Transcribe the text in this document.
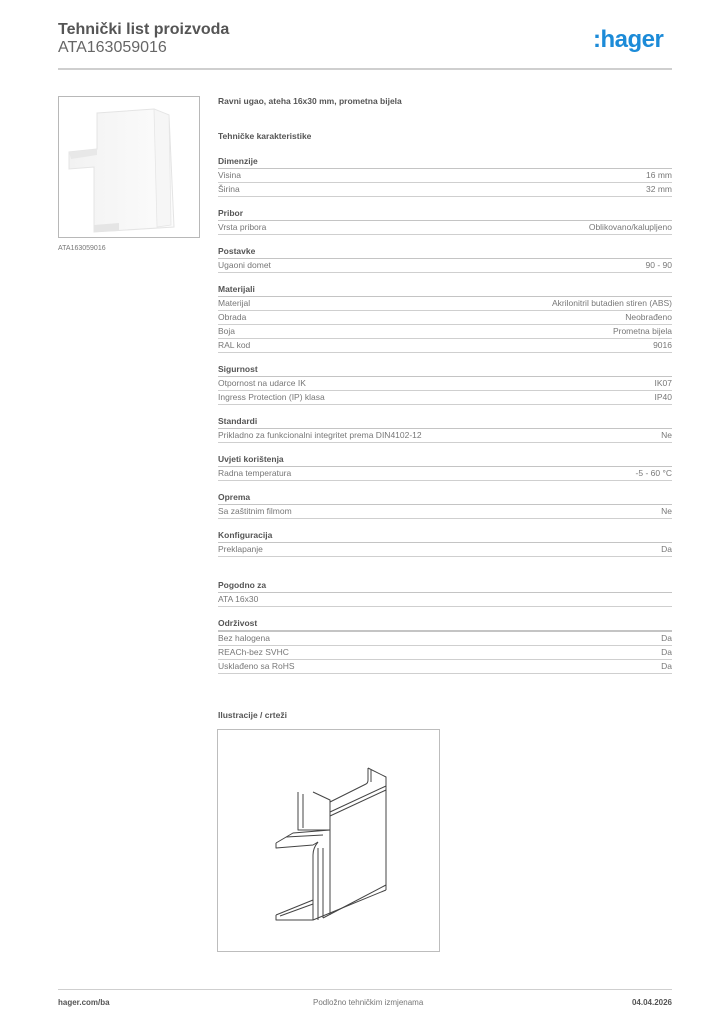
Tehnički list proizvoda
ATA163059016	:hager
ATA163059016
Ravni ugao, ateha 16x30 mm, prometna bijela
Tehničke karakteristike
Dimenzije
Visina	16 mm
Širina	32 mm
Pribor
Vrsta pribora	Oblikovano/kalupljeno
Postavke
Ugaoni domet	90 - 90
Materijali
Materijal	Akrilonitril butadien stiren (ABS)
Obrada	Neobrađeno
Boja	Prometna bijela
RAL kod	9016
Sigurnost
Otpornost na udarce IK	IK07
Ingress Protection (IP) klasa	IP40
Standardi
Prikladno za funkcionalni integritet prema DIN4102-12	Ne
Uvjeti korištenja
Radna temperatura	-5 - 60 °C
Oprema
Sa zaštitnim filmom	Ne
Konfiguracija
Preklapanje	Da
Pogodno za
ATA 16x30
Održivost
Bez halogena	Da
REACh-bez SVHC	Da
Usklađeno sa RoHS	Da
Ilustracije / crteži
hager.com/ba	Podložno tehničkim izmjenama	04.04.2026
